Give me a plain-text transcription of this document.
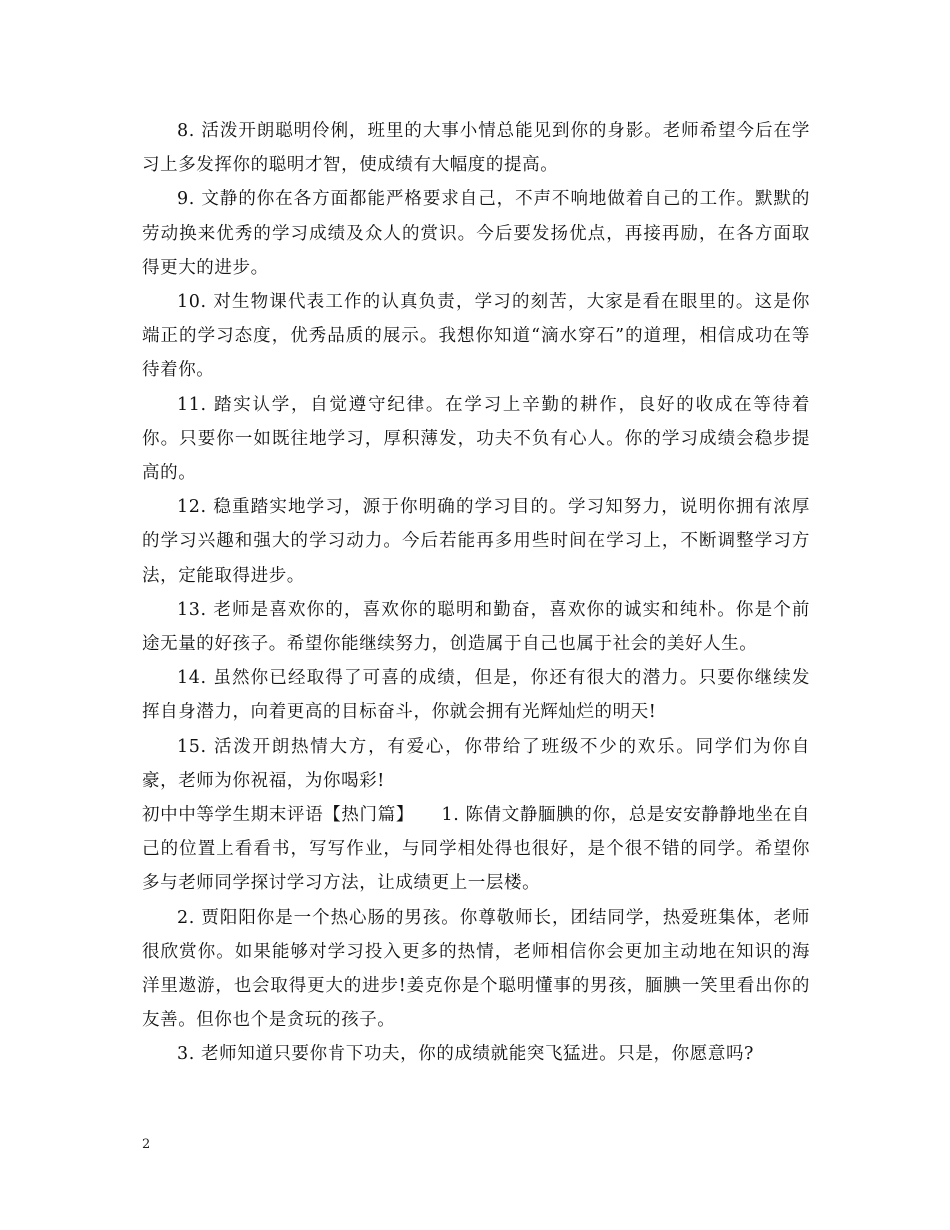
8. 活泼开朗聪明伶俐，班里的大事小情总能见到你的身影。老师希望今后在学习上多发挥你的聪明才智，使成绩有大幅度的提高。

9. 文静的你在各方面都能严格要求自己，不声不响地做着自己的工作。默默的劳动换来优秀的学习成绩及众人的赏识。今后要发扬优点，再接再励，在各方面取得更大的进步。

10. 对生物课代表工作的认真负责，学习的刻苦，大家是看在眼里的。这是你端正的学习态度，优秀品质的展示。我想你知道“滴水穿石”的道理，相信成功在等待着你。

11. 踏实认学，自觉遵守纪律。在学习上辛勤的耕作，良好的收成在等待着你。只要你一如既往地学习，厚积薄发，功夫不负有心人。你的学习成绩会稳步提高的。

12. 稳重踏实地学习，源于你明确的学习目的。学习知努力，说明你拥有浓厚的学习兴趣和强大的学习动力。今后若能再多用些时间在学习上，不断调整学习方法，定能取得进步。

13. 老师是喜欢你的，喜欢你的聪明和勤奋，喜欢你的诚实和纯朴。你是个前途无量的好孩子。希望你能继续努力，创造属于自己也属于社会的美好人生。

14. 虽然你已经取得了可喜的成绩，但是，你还有很大的潜力。只要你继续发挥自身潜力，向着更高的目标奋斗，你就会拥有光辉灿烂的明天!

15. 活泼开朗热情大方，有爱心，你带给了班级不少的欢乐。同学们为你自豪，老师为你祝福，为你喝彩!

初中中等学生期末评语【热门篇】　　1. 陈倩文静腼腆的你，总是安安静静地坐在自己的位置上看看书，写写作业，与同学相处得也很好，是个很不错的同学。希望你多与老师同学探讨学习方法，让成绩更上一层楼。

2. 贾阳阳你是一个热心肠的男孩。你尊敬师长，团结同学，热爱班集体，老师很欣赏你。如果能够对学习投入更多的热情，老师相信你会更加主动地在知识的海洋里遨游，也会取得更大的进步!姜克你是个聪明懂事的男孩，腼腆一笑里看出你的友善。但你也个是贪玩的孩子。

3. 老师知道只要你肯下功夫，你的成绩就能突飞猛进。只是，你愿意吗?

2
